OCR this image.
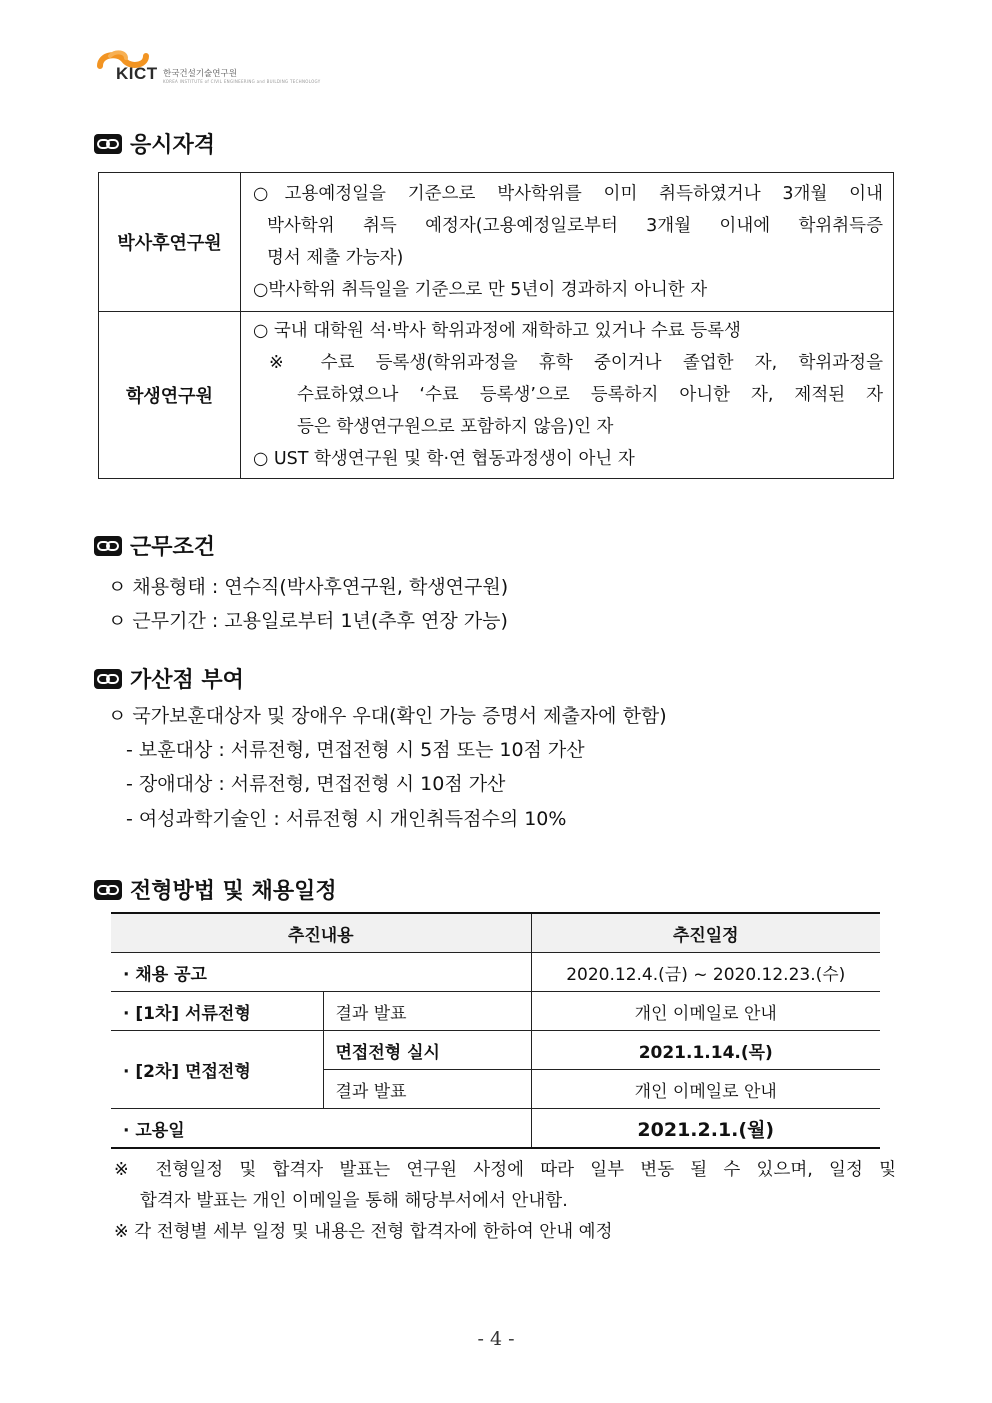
KICT 한국건설기술연구원
KOREA INSTITUTE of CIVIL ENGINEERING and BUILDING TECHNOLOGY
응시자격
박사후연구원	○고용예정일을 기준으로 박사학위를 이미 취득하였거나 3개월 이내
박사학위 취득 예정자(고용예정일로부터 3개월 이내에 학위취득증
명서 제출 가능자)
○박사학위 취득일을 기준으로 만 5년이 경과하지 아니한 자

학생연구원	○ 국내 대학원 석·박사 학위과정에 재학하고 있거나 수료 등록생
※ 수료 등록생(학위과정을 휴학 중이거나 졸업한 자, 학위과정을
수료하였으나 ‘수료 등록생’으로 등록하지 아니한 자, 제적된 자
등은 학생연구원으로 포함하지 않음)인 자
○ UST 학생연구원 및 학·연 협동과정생이 아닌 자
근무조건
ㅇ 채용형태 : 연수직(박사후연구원, 학생연구원)
ㅇ 근무기간 : 고용일로부터 1년(추후 연장 가능)
가산점 부여
ㅇ 국가보훈대상자 및 장애우 우대(확인 가능 증명서 제출자에 한함)
- 보훈대상 : 서류전형, 면접전형 시 5점 또는 10점 가산
- 장애대상 : 서류전형, 면접전형 시 10점 가산
- 여성과학기술인 : 서류전형 시 개인취득점수의 10%
전형방법 및 채용일정
추진내용		추진일정
· 채용 공고		2020.12.4.(금) ~ 2020.12.23.(수)
· [1차] 서류전형	결과 발표	개인 이메일로 안내
· [2차] 면접전형	면접전형 실시	2021.1.14.(목)
	결과 발표	개인 이메일로 안내
· 고용일		2021.2.1.(월)
※ 전형일정 및 합격자 발표는 연구원 사정에 따라 일부 변동 될 수 있으며, 일정 및
합격자 발표는 개인 이메일을 통해 해당부서에서 안내함.
※ 각 전형별 세부 일정 및 내용은 전형 합격자에 한하여 안내 예정
- 4 -
